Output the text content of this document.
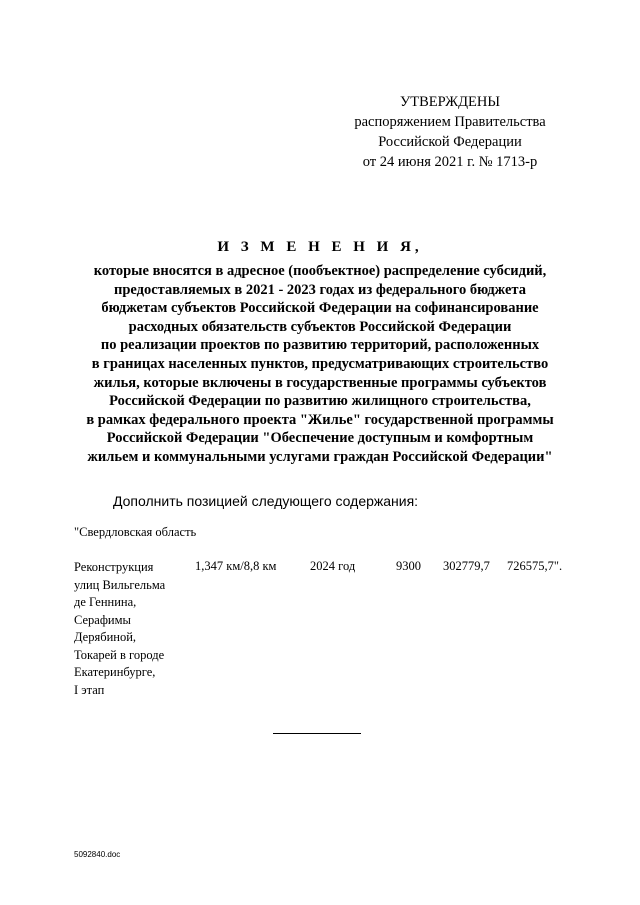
УТВЕРЖДЕНЫ
распоряжением Правительства
Российской Федерации
от 24 июня 2021 г. № 1713-р
И З М Е Н Е Н И Я,
которые вносятся в адресное (пообъектное) распределение субсидий,
предоставляемых в 2021 - 2023 годах из федерального бюджета
бюджетам субъектов Российской Федерации на софинансирование
расходных обязательств субъектов Российской Федерации
по реализации проектов по развитию территорий, расположенных
в границах населенных пунктов, предусматривающих строительство
жилья, которые включены в государственные программы субъектов
Российской Федерации по развитию жилищного строительства,
в рамках федерального проекта "Жилье" государственной программы
Российской Федерации "Обеспечение доступным и комфортным
жильем и коммунальными услугами граждан Российской Федерации"
Дополнить позицией следующего содержания:
"Свердловская область
Реконструкция
улиц Вильгельма
де Геннина,
Серафимы
Дерябиной,
Токарей в городе
Екатеринбурге,
I этап
1,347 км/8,8 км	2024 год	9300 302779,7 726575,7".
5092840.doc
